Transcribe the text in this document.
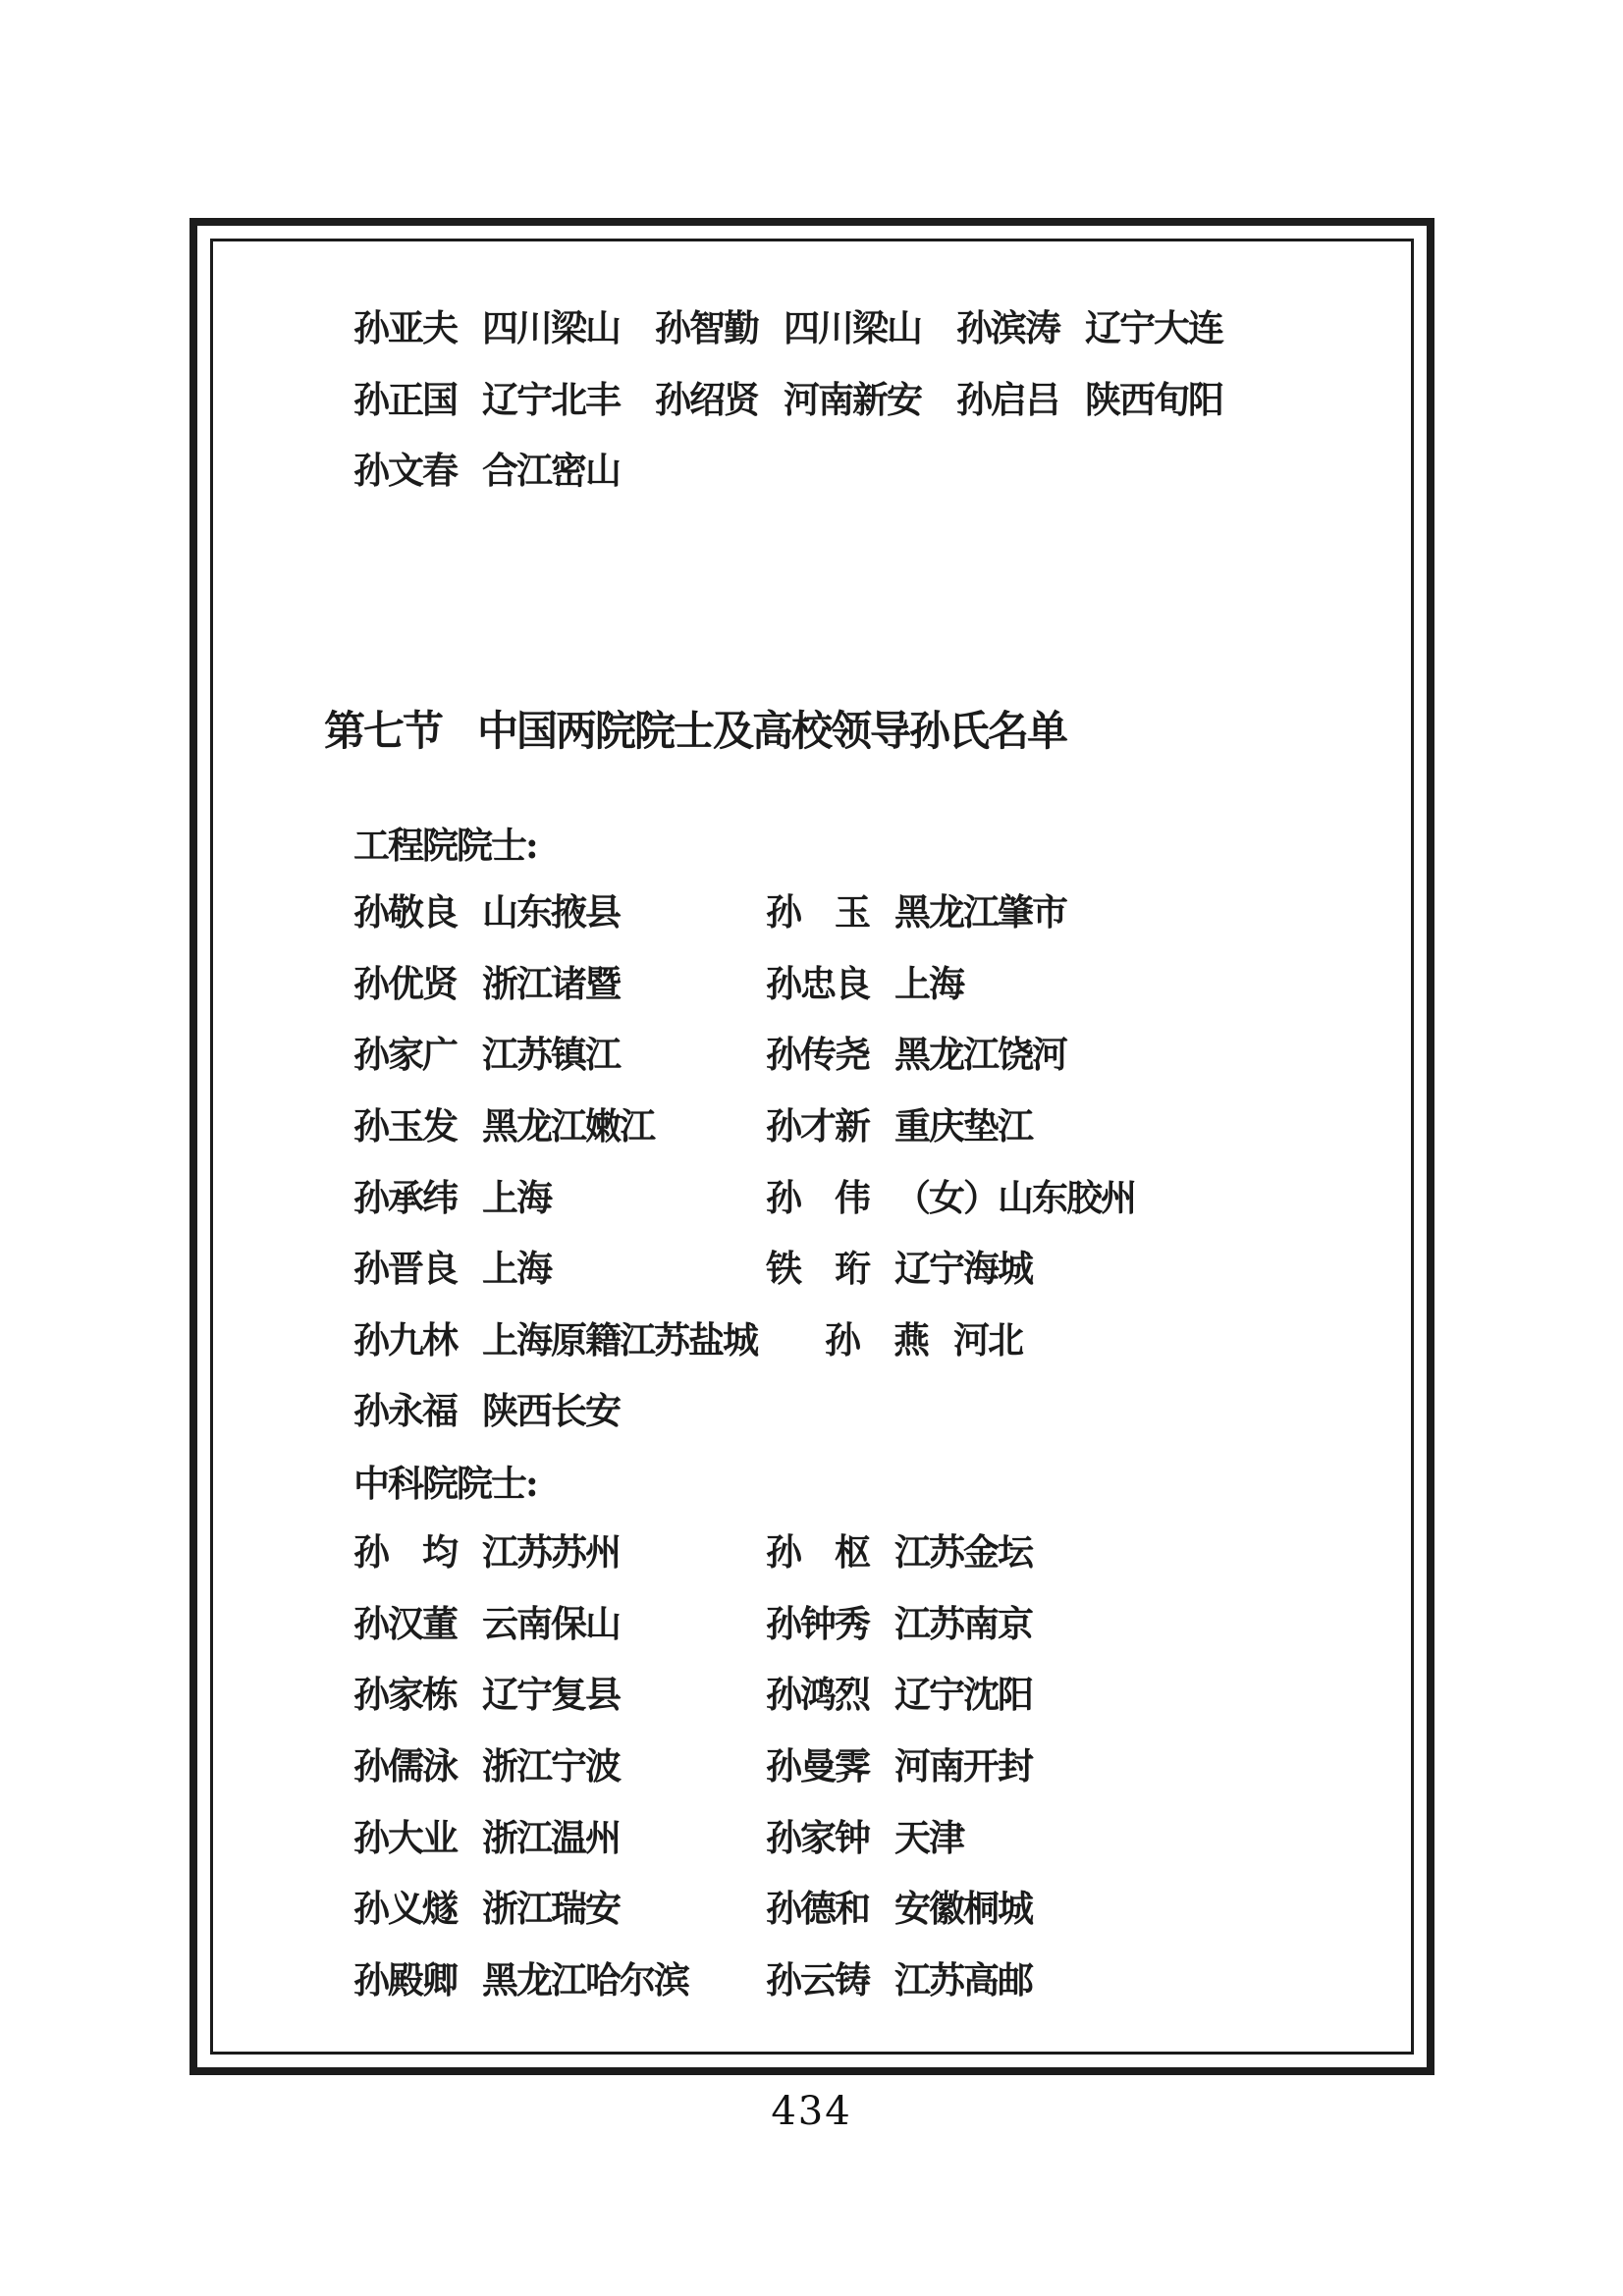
孙亚夫 四川梁山 孙智勤 四川梁山 孙滨涛 辽宁大连
孙正国 辽宁北丰 孙绍贤 河南新安 孙启吕 陕西旬阳
孙文春 合江密山
第七节 中国两院院士及高校领导孙氏名单
工程院院士:
孙敬良 山东掖县	孙　玉 黑龙江肇市
孙优贤 浙江诸暨	孙忠良 上海
孙家广 江苏镇江	孙传尧 黑龙江饶河
孙玉发 黑龙江嫩江	孙才新 重庆垫江
孙承纬 上海	孙　伟 （女）山东胶州
孙晋良 上海	铁　珩 辽宁海城
孙九林 上海原籍江苏盐城 孙　燕 河北
孙永福 陕西长安
中科院院士:
孙　均 江苏苏州	孙　枢 江苏金坛
孙汉董 云南保山	孙钟秀 江苏南京
孙家栋 辽宁复县	孙鸿烈 辽宁沈阳
孙儒泳 浙江宁波	孙曼霁 河南开封
孙大业 浙江温州	孙家钟 天津
孙义燧 浙江瑞安	孙德和 安徽桐城
孙殿卿 黑龙江哈尔滨 孙云铸 江苏高邮
434
